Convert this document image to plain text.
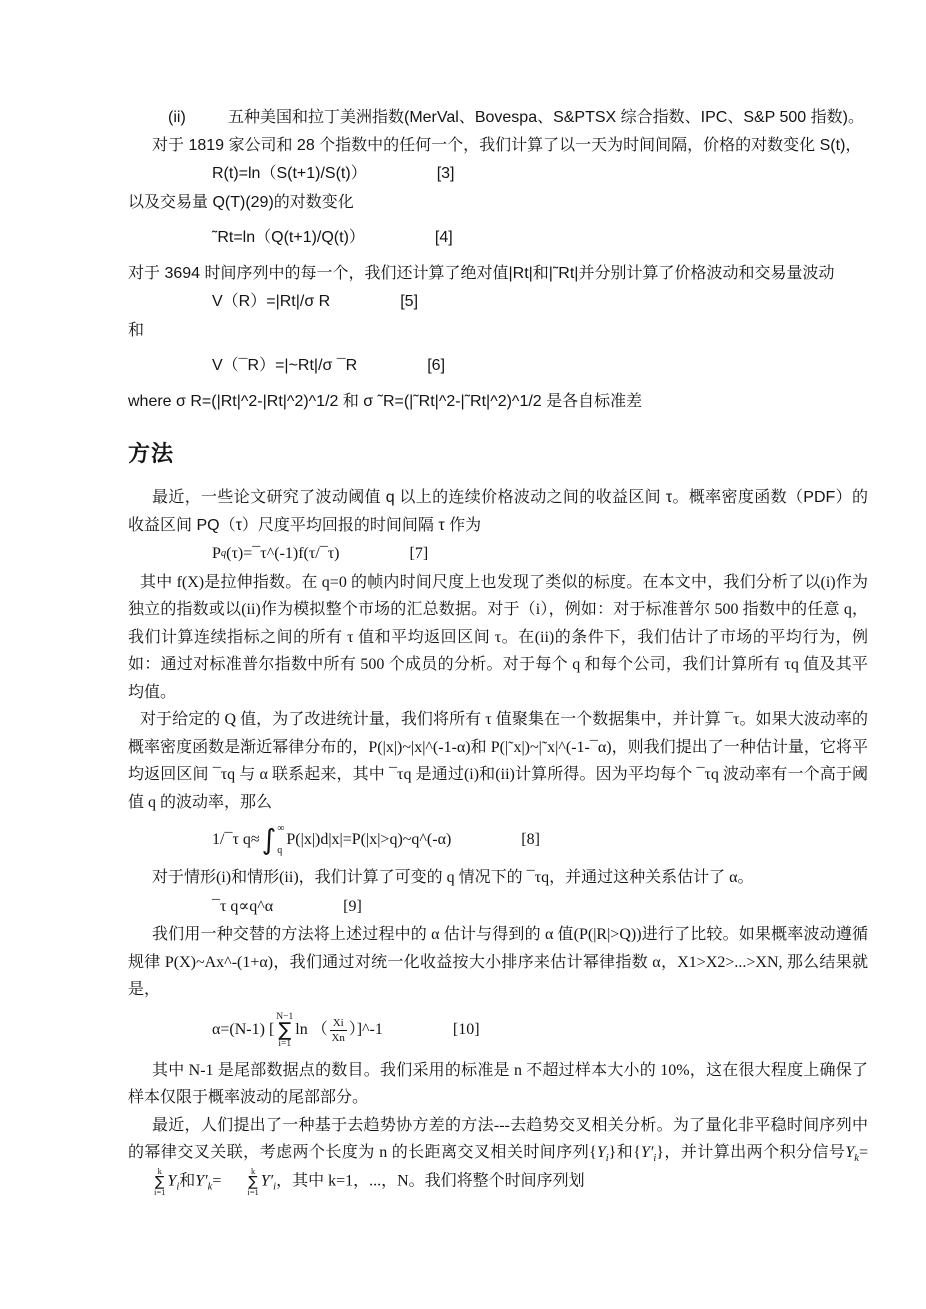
(ii)	五种美国和拉丁美洲指数(MerVal、Bovespa、S&PTSX 综合指数、IPC、S&P 500 指数)。

对于 1819 家公司和 28 个指数中的任何一个，我们计算了以一天为时间间隔，价格的对数变化 S(t)，

R(t)=ln（S(t+1)/S(t)）	[3]

以及交易量 Q(T)(29)的对数变化

˜Rt=ln（Q(t+1)/Q(t)）	[4]

对于 3694 时间序列中的每一个，我们还计算了绝对值|Rt|和|˜Rt|并分别计算了价格波动和交易量波动

V（R）=|Rt|/σ R	[5]

和

V（¯R）=|~Rt|/σ ¯R	[6]

where σ R=(|Rt|^2-|Rt|^2)^1/2 和 σ ˜R=(|˜Rt|^2-|˜Rt|^2)^1/2 是各自标准差

方法

最近，一些论文研究了波动阈值 q 以上的连续价格波动之间的收益区间 τ。概率密度函数（PDF）的收益区间 PQ（τ）尺度平均回报的时间间隔 τ 作为

P q (τ)=¯τ^(-1)f(τ/¯τ)	[7]

其中 f(X)是拉伸指数。在 q=0 的帧内时间尺度上也发现了类似的标度。在本文中，我们分析了以(i)作为独立的指数或以(ii)作为模拟整个市场的汇总数据。对于（i），例如：对于标准普尔 500 指数中的任意 q，我们计算连续指标之间的所有 τ 值和平均返回区间 τ。在(ii)的条件下，我们估计了市场的平均行为，例如：通过对标准普尔指数中所有 500 个成员的分析。对于每个 q 和每个公司，我们计算所有 τq 值及其平均值。

对于给定的 Q 值，为了改进统计量，我们将所有 τ 值聚集在一个数据集中，并计算 ¯τ。如果大波动率的概率密度函数是渐近幂律分布的，P(|x|)~|x|^(-1-α)和 P(|˜x|)~|˜x|^(-1-¯α)，则我们提出了一种估计量，它将平均返回区间 ¯τq 与 α 联系起来，其中 ¯τq 是通过(i)和(ii)计算所得。因为平均每个 ¯τq 波动率有一个高于阈值 q 的波动率，那么

1/¯τ q≈ ∫ ∞
q
P(|x|)d|x|=P(|x|>q)~q^(-α)	[8]

对于情形(i)和情形(ii)，我们计算了可变的 q 情况下的 ¯τq，并通过这种关系估计了 α。

¯τ q∝q^α	[9]

我们用一种交替的方法将上述过程中的 α 估计与得到的 α 值(P(|R|>Q))进行了比较。如果概率波动遵循规律 P(X)~Ax^-(1+α)，我们通过对统一化收益按大小排序来估计幂律指数 α，X1>X2>...>XN, 那么结果就是，

α=(N-1) [
N−1
∑
i=1
ln （ $\frac{Xi}{Xn}$ ）]^-1	[10]

其中 N-1 是尾部数据点的数目。我们采用的标准是 n 不超过样本大小的 10%，这在很大程度上确保了样本仅限于概率波动的尾部部分。

最近，人们提出了一种基于去趋势协方差的方法---去趋势交叉相关分析。为了量化非平稳时间序列中的幂律交叉关联，考虑两个长度为 n 的长距离交叉相关时间序列$\{Y_i\}$和$\{Y'_i\}$，并计算出两个积分信号$Y_k=$
k
∑
i=1
$Y_i$和$Y'_k=$
k
∑
i=1
$Y'_i$，其中 k=1，...，N。我们将整个时间序列划
